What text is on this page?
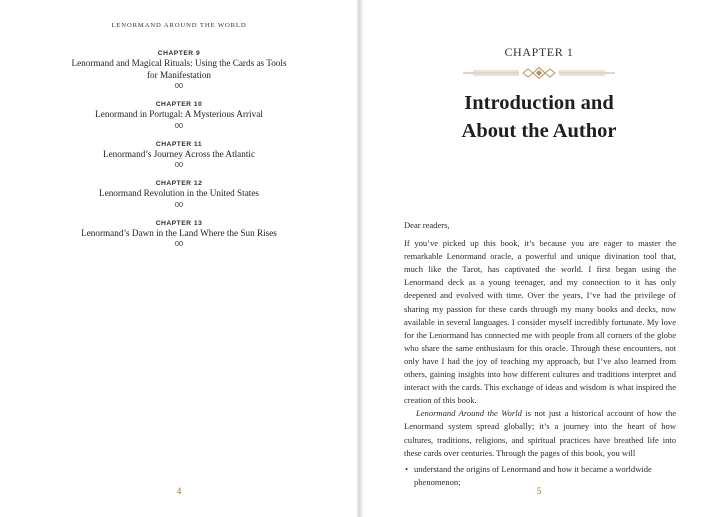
LENORMAND AROUND THE WORLD
CHAPTER 9
Lenormand and Magical Rituals: Using the Cards as Tools for Manifestation
00
CHAPTER 10
Lenormand in Portugal: A Mysterious Arrival
00
CHAPTER 11
Lenormand’s Journey Across the Atlantic
00
CHAPTER 12
Lenormand Revolution in the United States
00
CHAPTER 13
Lenormand’s Dawn in the Land Where the Sun Rises
00
4
CHAPTER 1
Introduction and
About the Author

Dear readers,

If you’ve picked up this book, it’s because you are eager to master the remarkable Lenormand oracle, a powerful and unique divination tool that, much like the Tarot, has captivated the world. I first began using the Lenormand deck as a young teenager, and my connection to it has only deepened and evolved with time. Over the years, I’ve had the privilege of sharing my passion for these cards through my many books and decks, now available in several languages. I consider myself incredibly fortunate. My love for the Lenormand has connected me with people from all corners of the globe who share the same enthusiasm for this oracle. Through these encounters, not only have I had the joy of teaching my approach, but I’ve also learned from others, gaining insights into how different cultures and traditions interpret and interact with the cards. This exchange of ideas and wisdom is what inspired the creation of this book.

Lenormand Around the World is not just a historical account of how the Lenormand system spread globally; it’s a journey into the heart of how cultures, traditions, religions, and spiritual practices have breathed life into these cards over centuries. Through the pages of this book, you will

• understand the origins of Lenormand and how it became a worldwide phenomenon;
5
